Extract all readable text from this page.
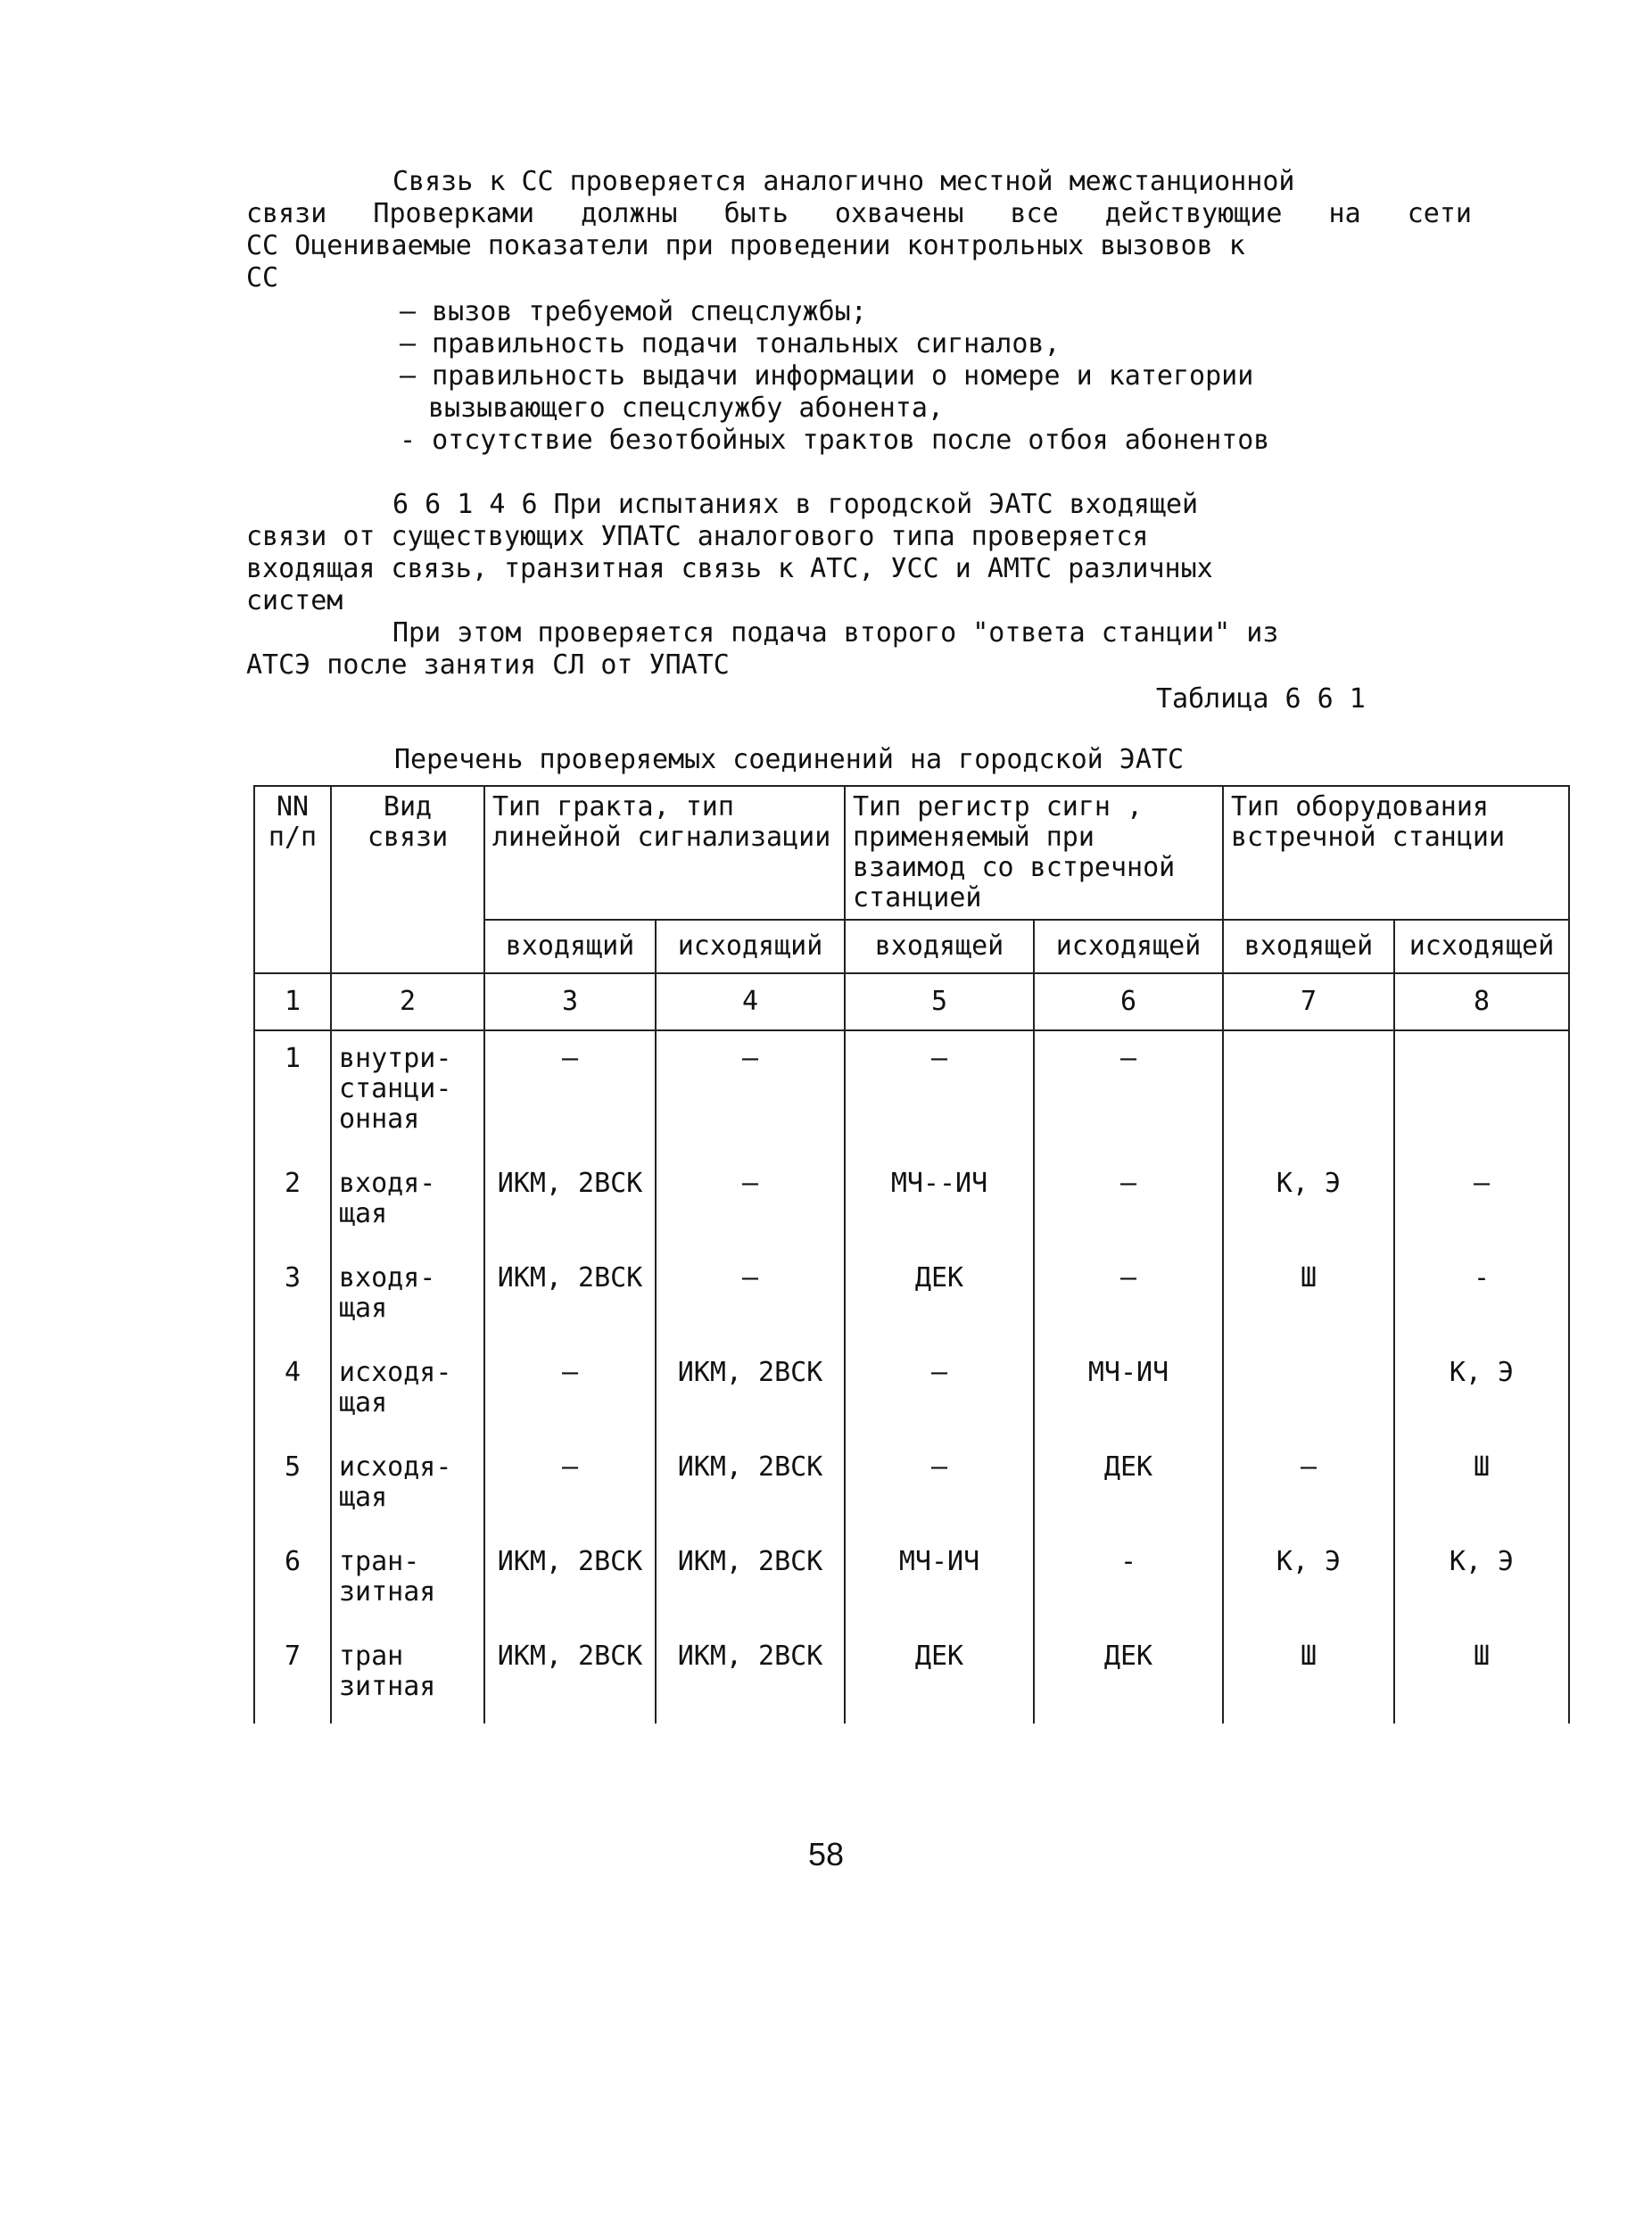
Связь к СС проверяется аналогично местной межстанционной
связи Проверками должны быть охвачены все действующие на сети
СС Оцениваемые показатели при проведении контрольных вызовов к
СС
– вызов требуемой спецслужбы;
– правильность подачи тональных сигналов,
– правильность выдачи информации о номере и категории
вызывающего спецслужбу абонента,
- отсутствие безотбойных трактов после отбоя абонентов
6 6 1 4 6 При испытаниях в городской ЭАТС входящей
связи от существующих УПАТС аналогового типа проверяется
входящая связь, транзитная связь к АТС, УСС и АМТС различных
систем
При этом проверяется подача второго "ответа станции" из
АТСЭ после занятия СЛ от УПАТС
Таблица 6 6 1
Перечень проверяемых соединений на городской ЭАТС
NN п/п	Вид связи	Тип гракта, тип линейной сигнализации		Тип регистр сигн , применяемый при взаимод со встречной станцией		Тип оборудования встречной станции	
		входящий	исходящий	входящей	исходящей	входящей	исходящей
1	2	3	4	5	6	7	8
1	внутри-станци-онная	–	–	–	–		
2	входя-щая	ИКМ, 2ВСК	–	МЧ--ИЧ	–	К, Э	–
3	входя-щая	ИКМ, 2ВСК	–	ДЕК	–	Ш	-
4	исходя-щая	–	ИКМ, 2ВСК	–	МЧ-ИЧ		К, Э
5	исходя-щая	–	ИКМ, 2ВСК	–	ДЕК	–	Ш
6	тран-зитная	ИКМ, 2ВСК	ИКМ, 2ВСК	МЧ-ИЧ	-	К, Э	К, Э
7	тран зитная	ИКМ, 2ВСК	ИКМ, 2ВСК	ДЕК	ДЕК	Ш	Ш
58
